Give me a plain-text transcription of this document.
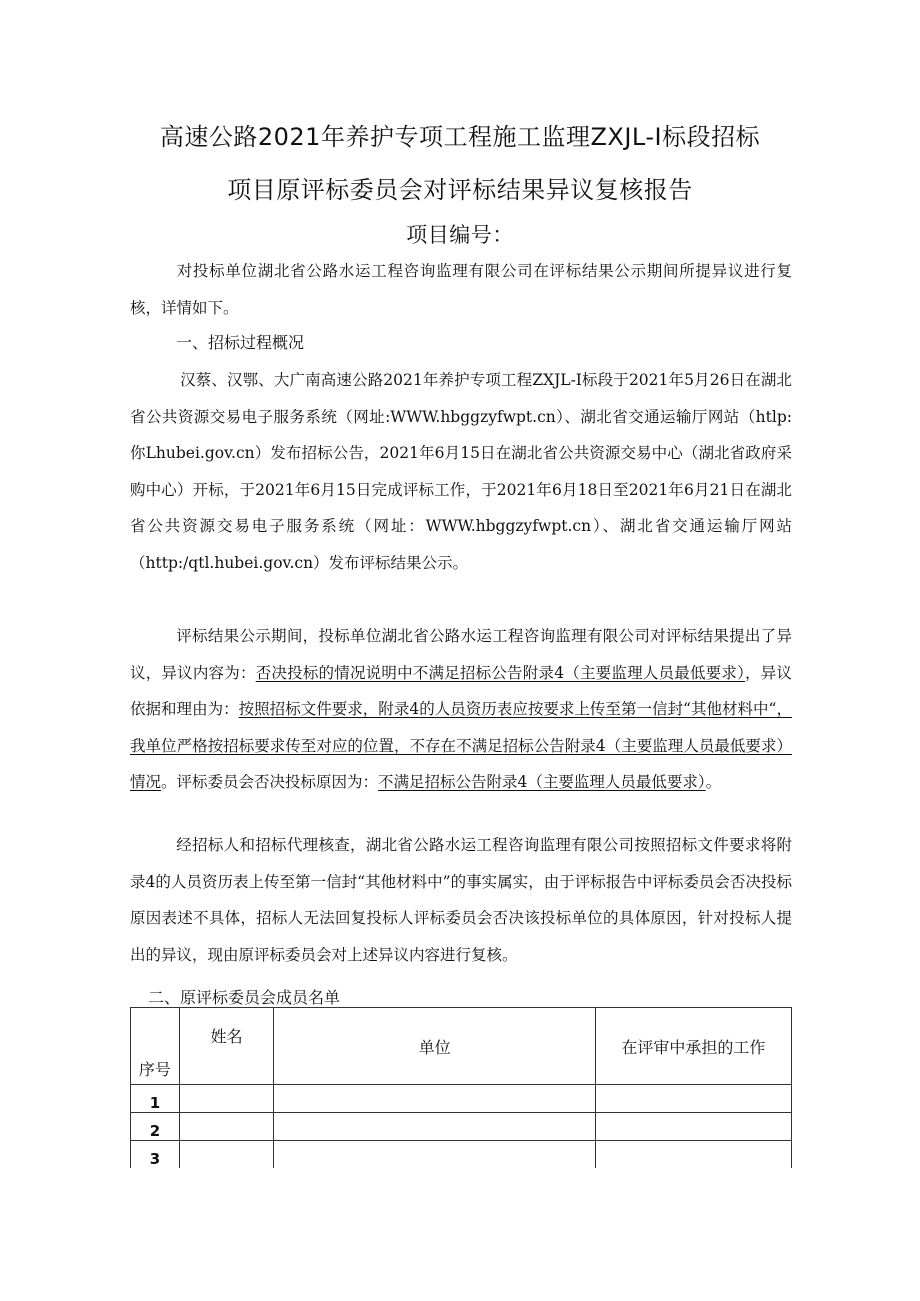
高速公路2021年养护专项工程施工监理ZXJL-I标段招标
项目原评标委员会对评标结果异议复核报告
项目编号：
对投标单位湖北省公路水运工程咨询监理有限公司在评标结果公示期间所提异议进行复核，详情如下。
一、招标过程概况
汉蔡、汉鄂、大广南高速公路2021年养护专项工程ZXJL-I标段于2021年5月26日在湖北省公共资源交易电子服务系统（网址:WWW.hbggzyfwpt.cn）、湖北省交通运输厅网站（htlp:你Lhubei.gov.cn）发布招标公告，2021年6月15日在湖北省公共资源交易中心（湖北省政府采购中心）开标，于2021年6月15日完成评标工作，于2021年6月18日至2021年6月21日在湖北省公共资源交易电子服务系统（网址：WWW.hbggzyfwpt.cn）、湖北省交通运输厅网站（http:/qtl.hubei.gov.cn）发布评标结果公示。
评标结果公示期间，投标单位湖北省公路水运工程咨询监理有限公司对评标结果提出了异议，异议内容为：否决投标的情况说明中不满足招标公告附录4（主要监理人员最低要求），异议依据和理由为：按照招标文件要求，附录4的人员资历表应按要求上传至第一信封“其他材料中“，我单位严格按招标要求传至对应的位置，不存在不满足招标公告附录4（主要监理人员最低要求）情况。评标委员会否决投标原因为：不满足招标公告附录4（主要监理人员最低要求）。
经招标人和招标代理核查，湖北省公路水运工程咨询监理有限公司按照招标文件要求将附录4的人员资历表上传至第一信封“其他材料中”的事实属实，由于评标报告中评标委员会否决投标原因表述不具体，招标人无法回复投标人评标委员会否决该投标单位的具体原因，针对投标人提出的异议，现由原评标委员会对上述异议内容进行复核。
二、原评标委员会成员名单
序号	姓名	单位	在评审中承担的工作
1			
2			
3			
